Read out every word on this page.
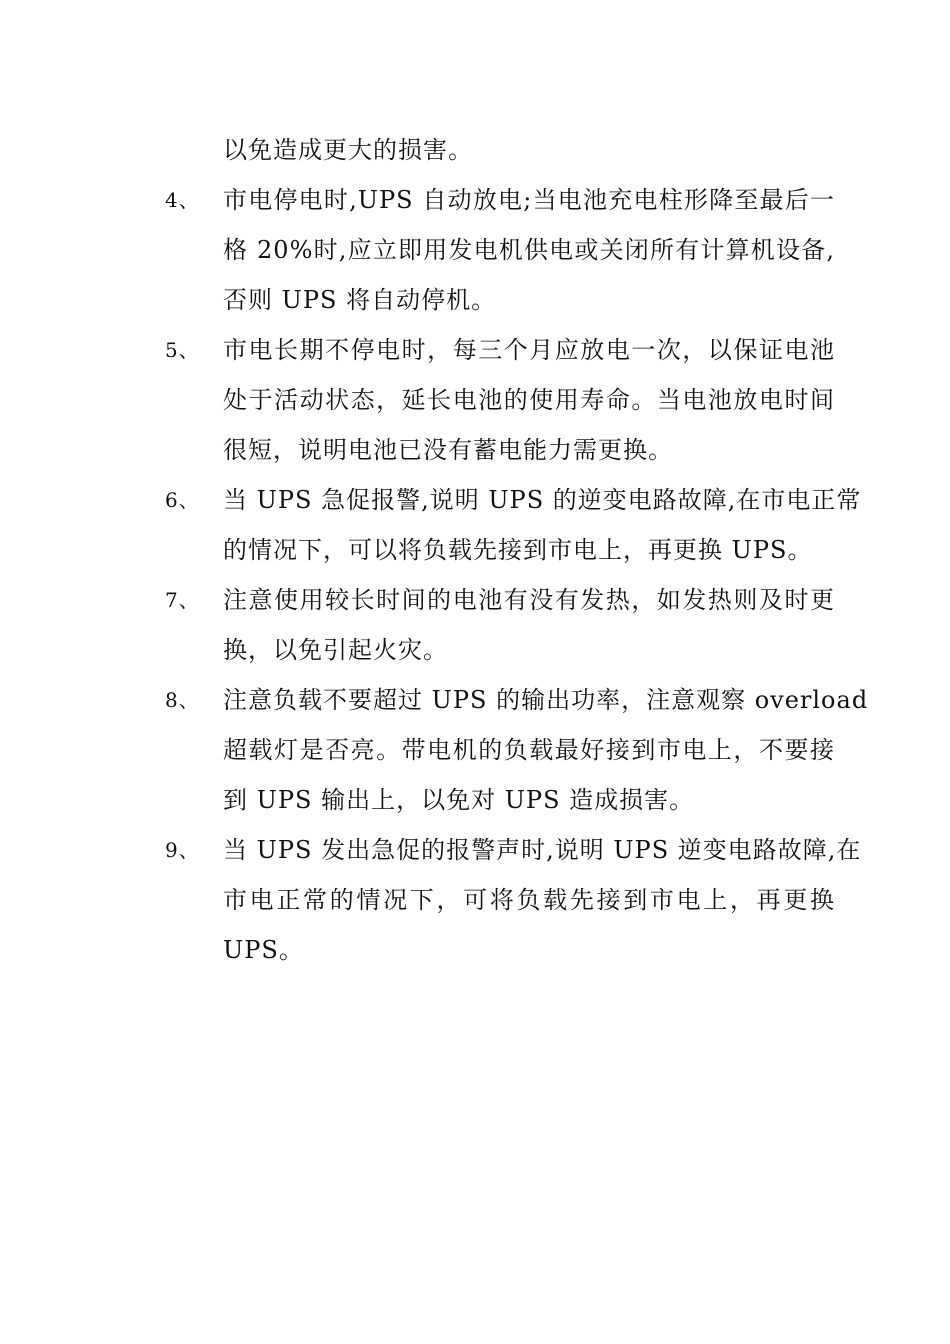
以免造成更大的损害。
4、 市电停电时,UPS 自动放电;当电池充电柱形降至最后一
格 20%时,应立即用发电机供电或关闭所有计算机设备,
否则 UPS 将自动停机。
5、 市电长期不停电时，每三个月应放电一次，以保证电池
处于活动状态，延长电池的使用寿命。当电池放电时间
很短，说明电池已没有蓄电能力需更换。
6、 当 UPS 急促报警,说明 UPS 的逆变电路故障,在市电正常
的情况下，可以将负载先接到市电上，再更换 UPS。
7、 注意使用较长时间的电池有没有发热，如发热则及时更
换，以免引起火灾。
8、 注意负载不要超过 UPS 的输出功率，注意观察 overload
超载灯是否亮。带电机的负载最好接到市电上，不要接
到 UPS 输出上，以免对 UPS 造成损害。
9、 当 UPS 发出急促的报警声时,说明 UPS 逆变电路故障,在
市电正常的情况下，可将负载先接到市电上，再更换
UPS。
